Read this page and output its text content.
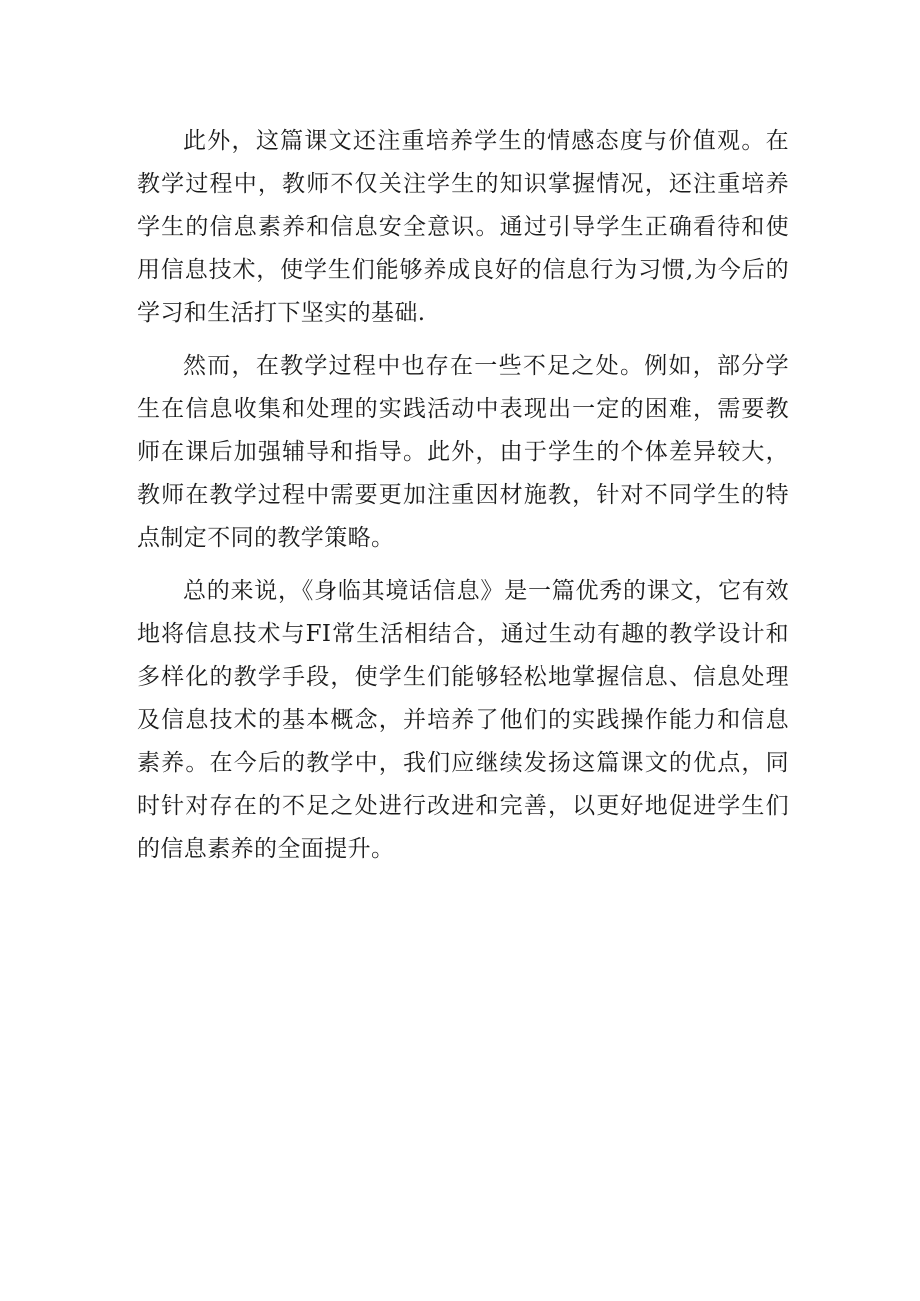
此外，这篇课文还注重培养学生的情感态度与价值观。在教学过程中，教师不仅关注学生的知识掌握情况，还注重培养学生的信息素养和信息安全意识。通过引导学生正确看待和使用信息技术，使学生们能够养成良好的信息行为习惯,为今后的学习和生活打下坚实的基础.

然而，在教学过程中也存在一些不足之处。例如，部分学生在信息收集和处理的实践活动中表现出一定的困难，需要教师在课后加强辅导和指导。此外，由于学生的个体差异较大，教师在教学过程中需要更加注重因材施教，针对不同学生的特点制定不同的教学策略。

总的来说，《身临其境话信息》是一篇优秀的课文，它有效地将信息技术与FI常生活相结合，通过生动有趣的教学设计和多样化的教学手段，使学生们能够轻松地掌握信息、信息处理及信息技术的基本概念，并培养了他们的实践操作能力和信息素养。在今后的教学中，我们应继续发扬这篇课文的优点，同时针对存在的不足之处进行改进和完善，以更好地促进学生们的信息素养的全面提升。
